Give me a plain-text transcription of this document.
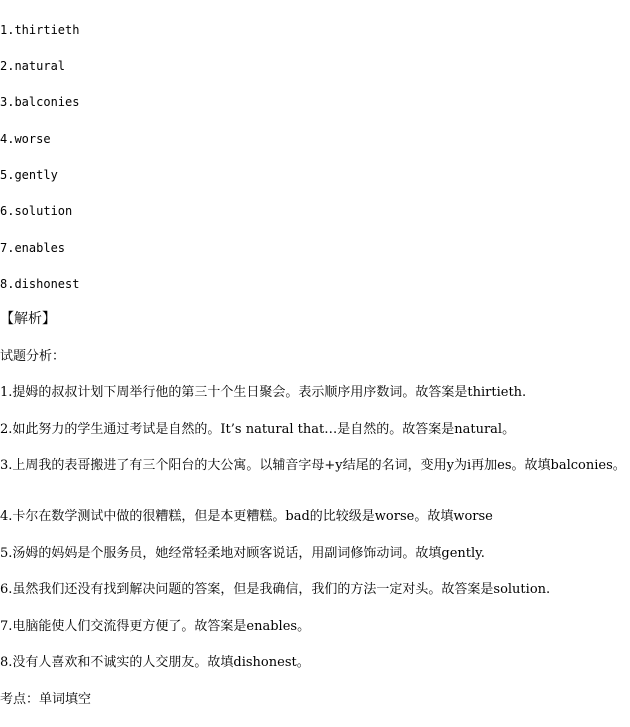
1.thirtieth
2.natural
3.balconies
4.worse
5.gently
6.solution
7.enables
8.dishonest
【解析】
试题分析：
1.提姆的叔叔计划下周举行他的第三十个生日聚会。表示顺序用序数词。故答案是thirtieth.
2.如此努力的学生通过考试是自然的。It’s natural that…是自然的。故答案是natural。
3.上周我的表哥搬进了有三个阳台的大公寓。以辅音字母+y结尾的名词，变用y为i再加es。故填balconies。
4.卡尔在数学测试中做的很糟糕，但是本更糟糕。bad的比较级是worse。故填worse
5.汤姆的妈妈是个服务员，她经常轻柔地对顾客说话，用副词修饰动词。故填gently.
6.虽然我们还没有找到解决问题的答案，但是我确信，我们的方法一定对头。故答案是solution.
7.电脑能使人们交流得更方便了。故答案是enables。
8.没有人喜欢和不诚实的人交朋友。故填dishonest。
考点：单词填空
